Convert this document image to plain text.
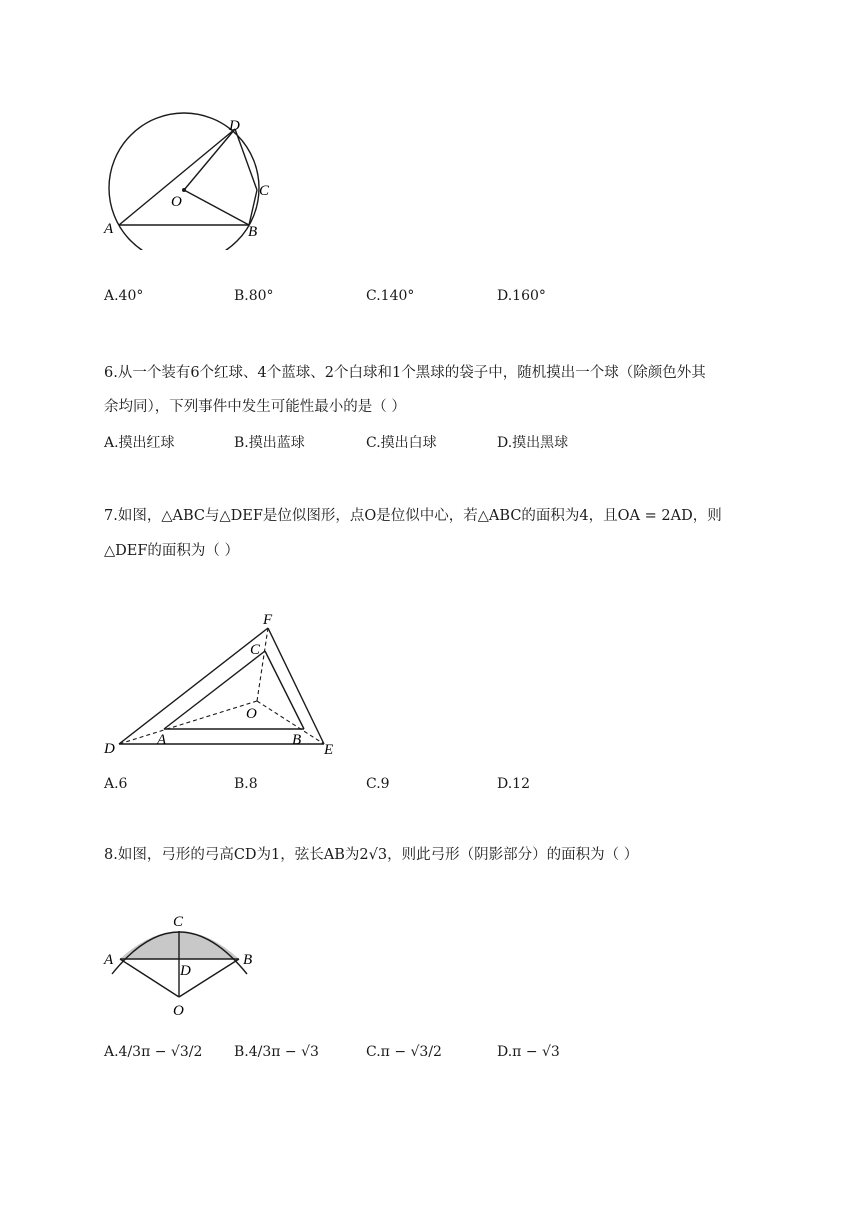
D
C
O
A	B
A.40°	B.80°	C.140°	D.160°
6.从一个装有6个红球、4个蓝球、2个白球和1个黑球的袋子中，随机摸出一个球（除颜色外其
余均同），下列事件中发生可能性最小的是（ ）
A.摸出红球	B.摸出蓝球	C.摸出白球	D.摸出黑球
7.如图，△ABC与△DEF是位似图形，点O是位似中心，若△ABC的面积为4，且OA = 2AD，则
△DEF的面积为（ ）
F
C
O
D
A	B
E
A.6	B.8	C.9	D.12
8.如图，弓形的弓高CD为1，弦长AB为2√3，则此弓形（阴影部分）的面积为（ ）
C
A	B
D
O
A.4/3π − √3/2 B.4/3π − √3	C.π − √3/2	D.π − √3
